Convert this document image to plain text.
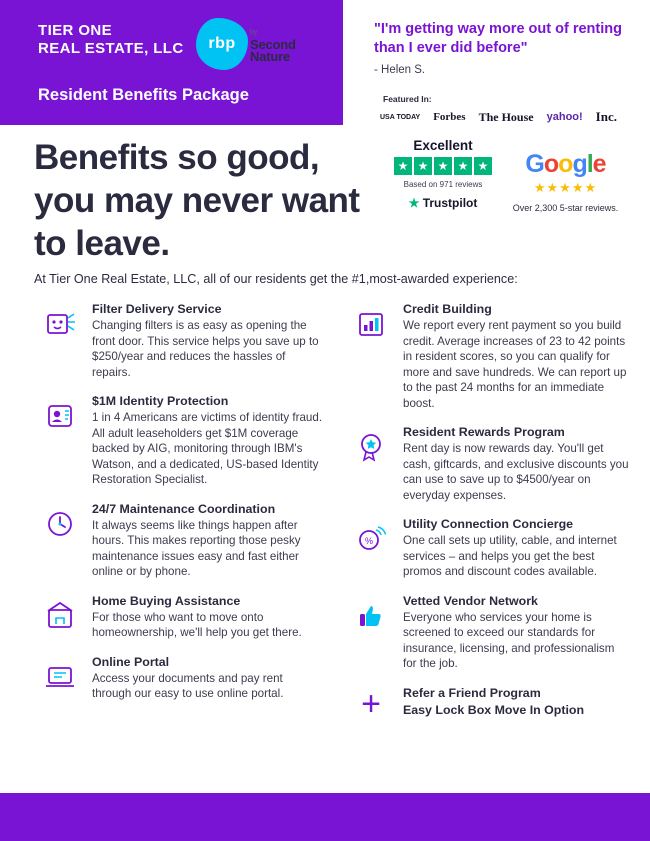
TIER ONE
REAL ESTATE, LLC
Resident Benefits Package
rbp
by
Second
Nature
"I'm getting way more out of renting than I ever did before"
- Helen S.
Featured In:
USA TODAY Forbes The House yahoo! Inc.
Excellent
★ ★ ★ ★ ★
Based on 971 reviews
★ Trustpilot
Google
★★★★★
Over 2,300 5-star reviews.
Benefits so good, you may never want to leave.
At Tier One Real Estate, LLC, all of our residents get the #1,most-awarded experience:
Filter Delivery Service

Changing filters is as easy as opening the front door. This service helps you save up to $250/year and reduces the hassles of repairs.

$1M Identity Protection

1 in 4 Americans are victims of identity fraud. All adult leaseholders get $1M coverage backed by AIG, monitoring through IBM's Watson, and a dedicated, US-based Identity Restoration Specialist.

24/7 Maintenance Coordination

It always seems like things happen after hours. This makes reporting those pesky maintenance issues easy and fast either online or by phone.

Home Buying Assistance

For those who want to move onto homeownership, we'll help you get there.

Online Portal

Access your documents and pay rent through our easy to use online portal.

Credit Building

We report every rent payment so you build credit. Average increases of 23 to 42 points in resident scores, so you can qualify for more and save hundreds. We can report up to the past 24 months for an immediate boost.

Resident Rewards Program

Rent day is now rewards day. You'll get cash, giftcards, and exclusive discounts you can use to save up to $4500/year on everyday expenses.

%
Utility Connection Concierge

One call sets up utility, cable, and internet services – and helps you get the best promos and discount codes available.

Vetted Vendor Network

Everyone who services your home is screened to exceed our standards for insurance, licensing, and professionalism for the job.

+	Refer a Friend Program
Easy Lock Box Move In Option
